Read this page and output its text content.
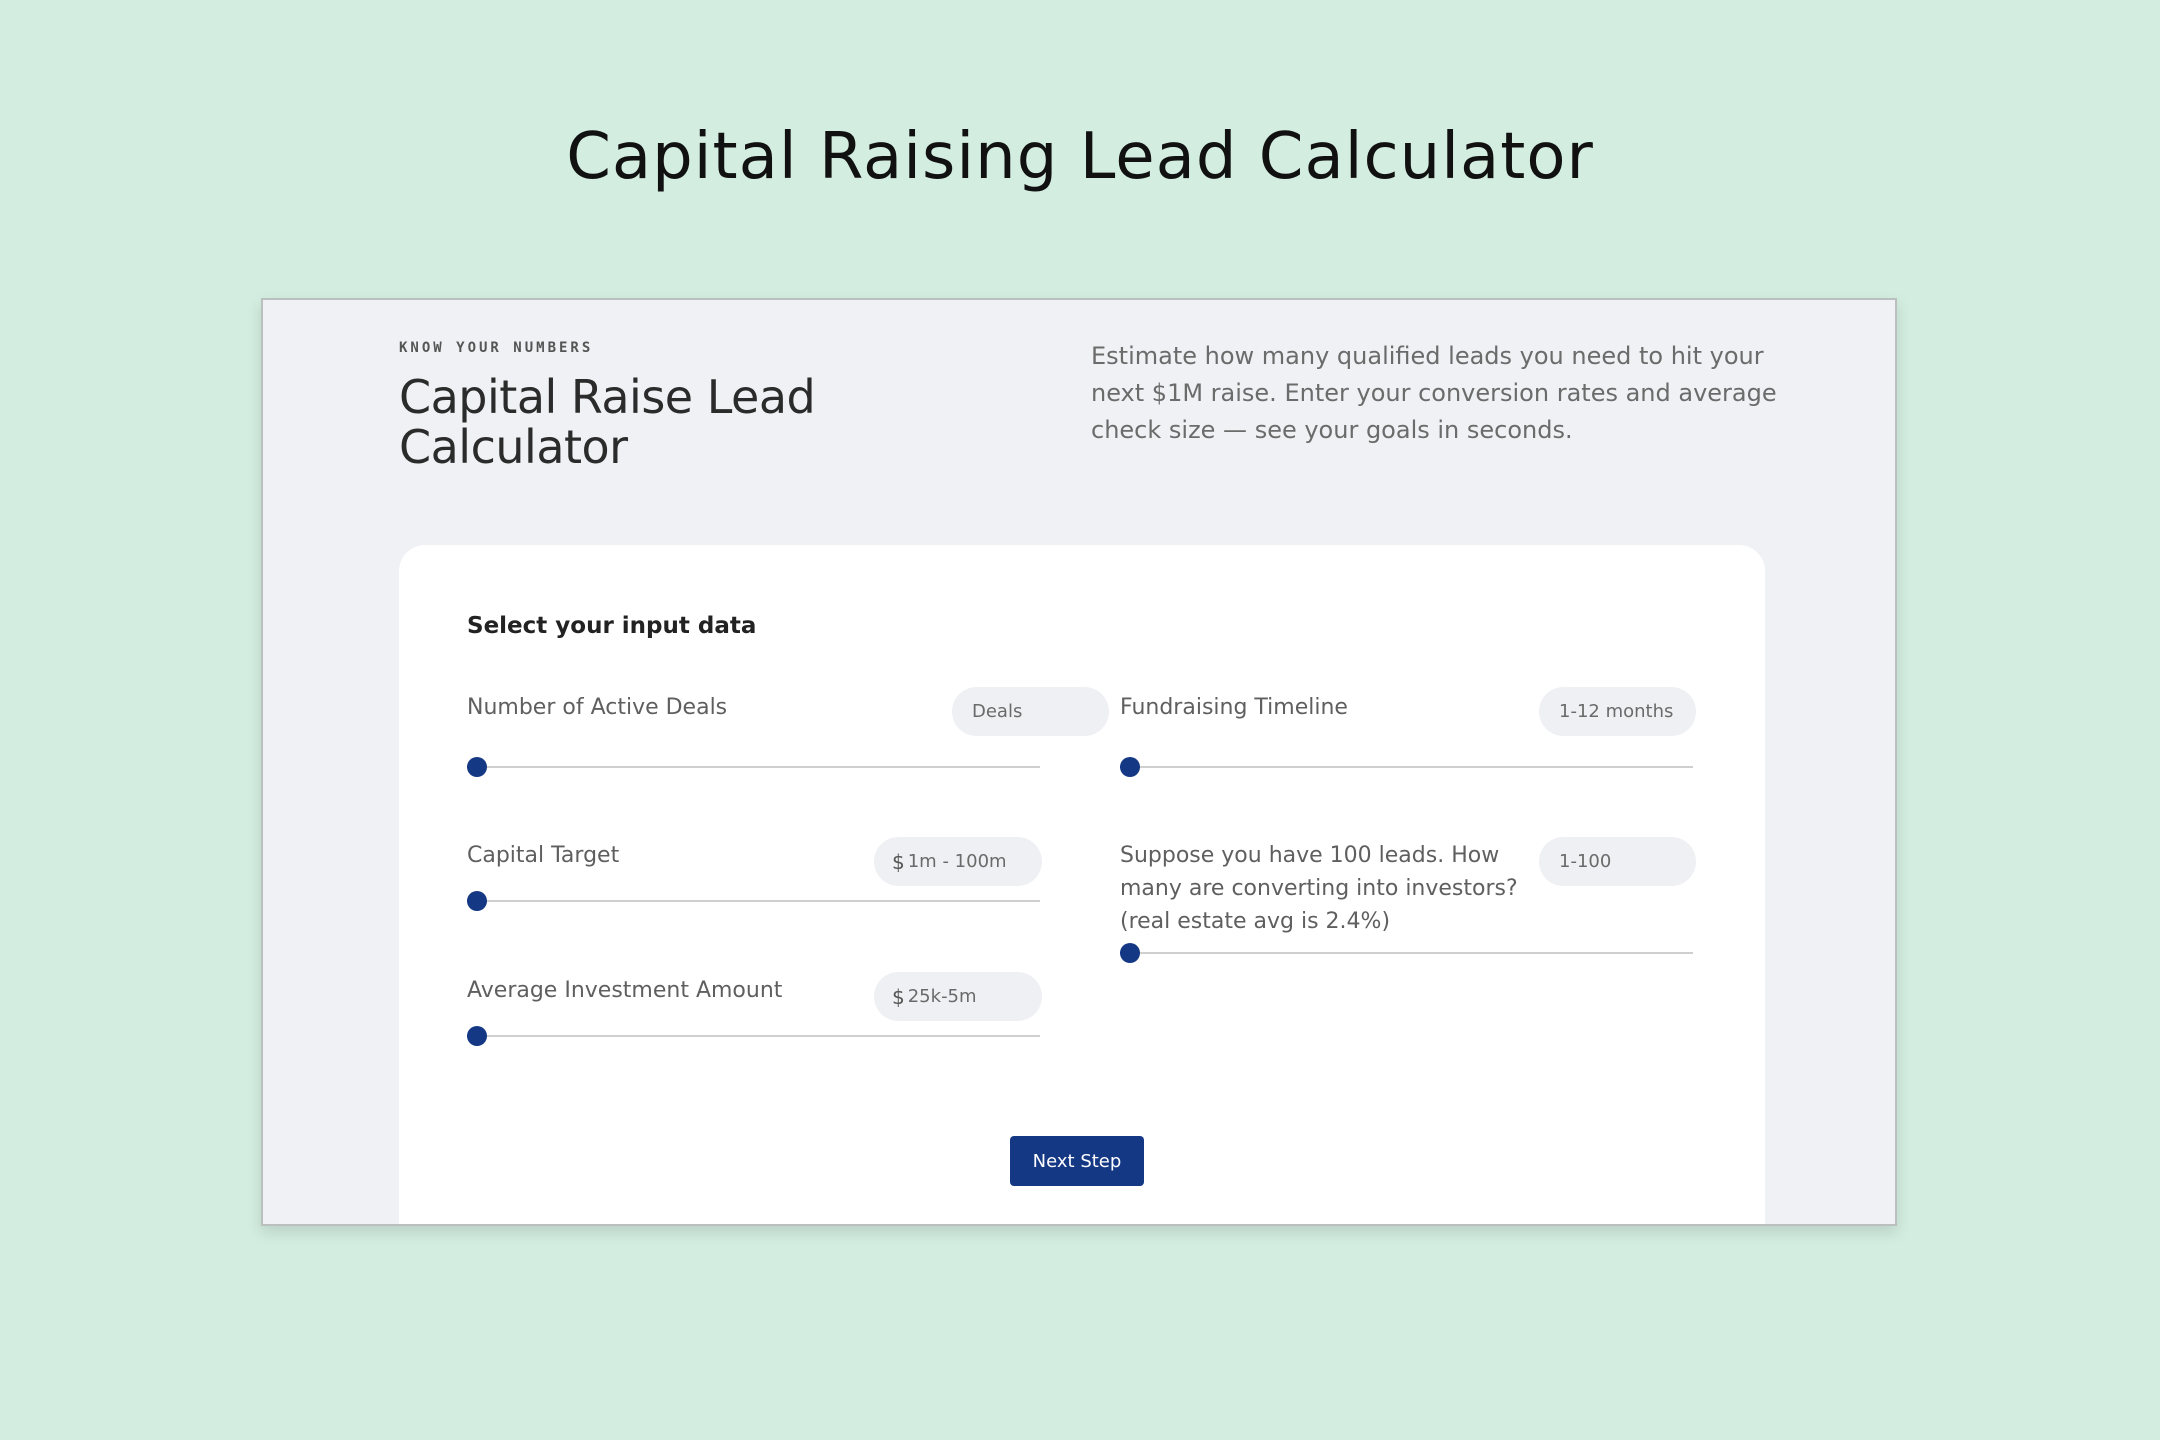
Capital Raising Lead Calculator
KNOW YOUR NUMBERS
Capital Raise Lead Calculator
Estimate how many qualified leads you need to hit your next $1M raise. Enter your conversion rates and average check size — see your goals in seconds.
Select your input data
Number of Active Deals	Deals
Capital Target	$ 1m - 100m
Average Investment Amount	$ 25k-5m
Fundraising Timeline	1-12 months
Suppose you have 100 leads. How many are converting into investors? (real estate avg is 2.4%)
1-100
Next Step
